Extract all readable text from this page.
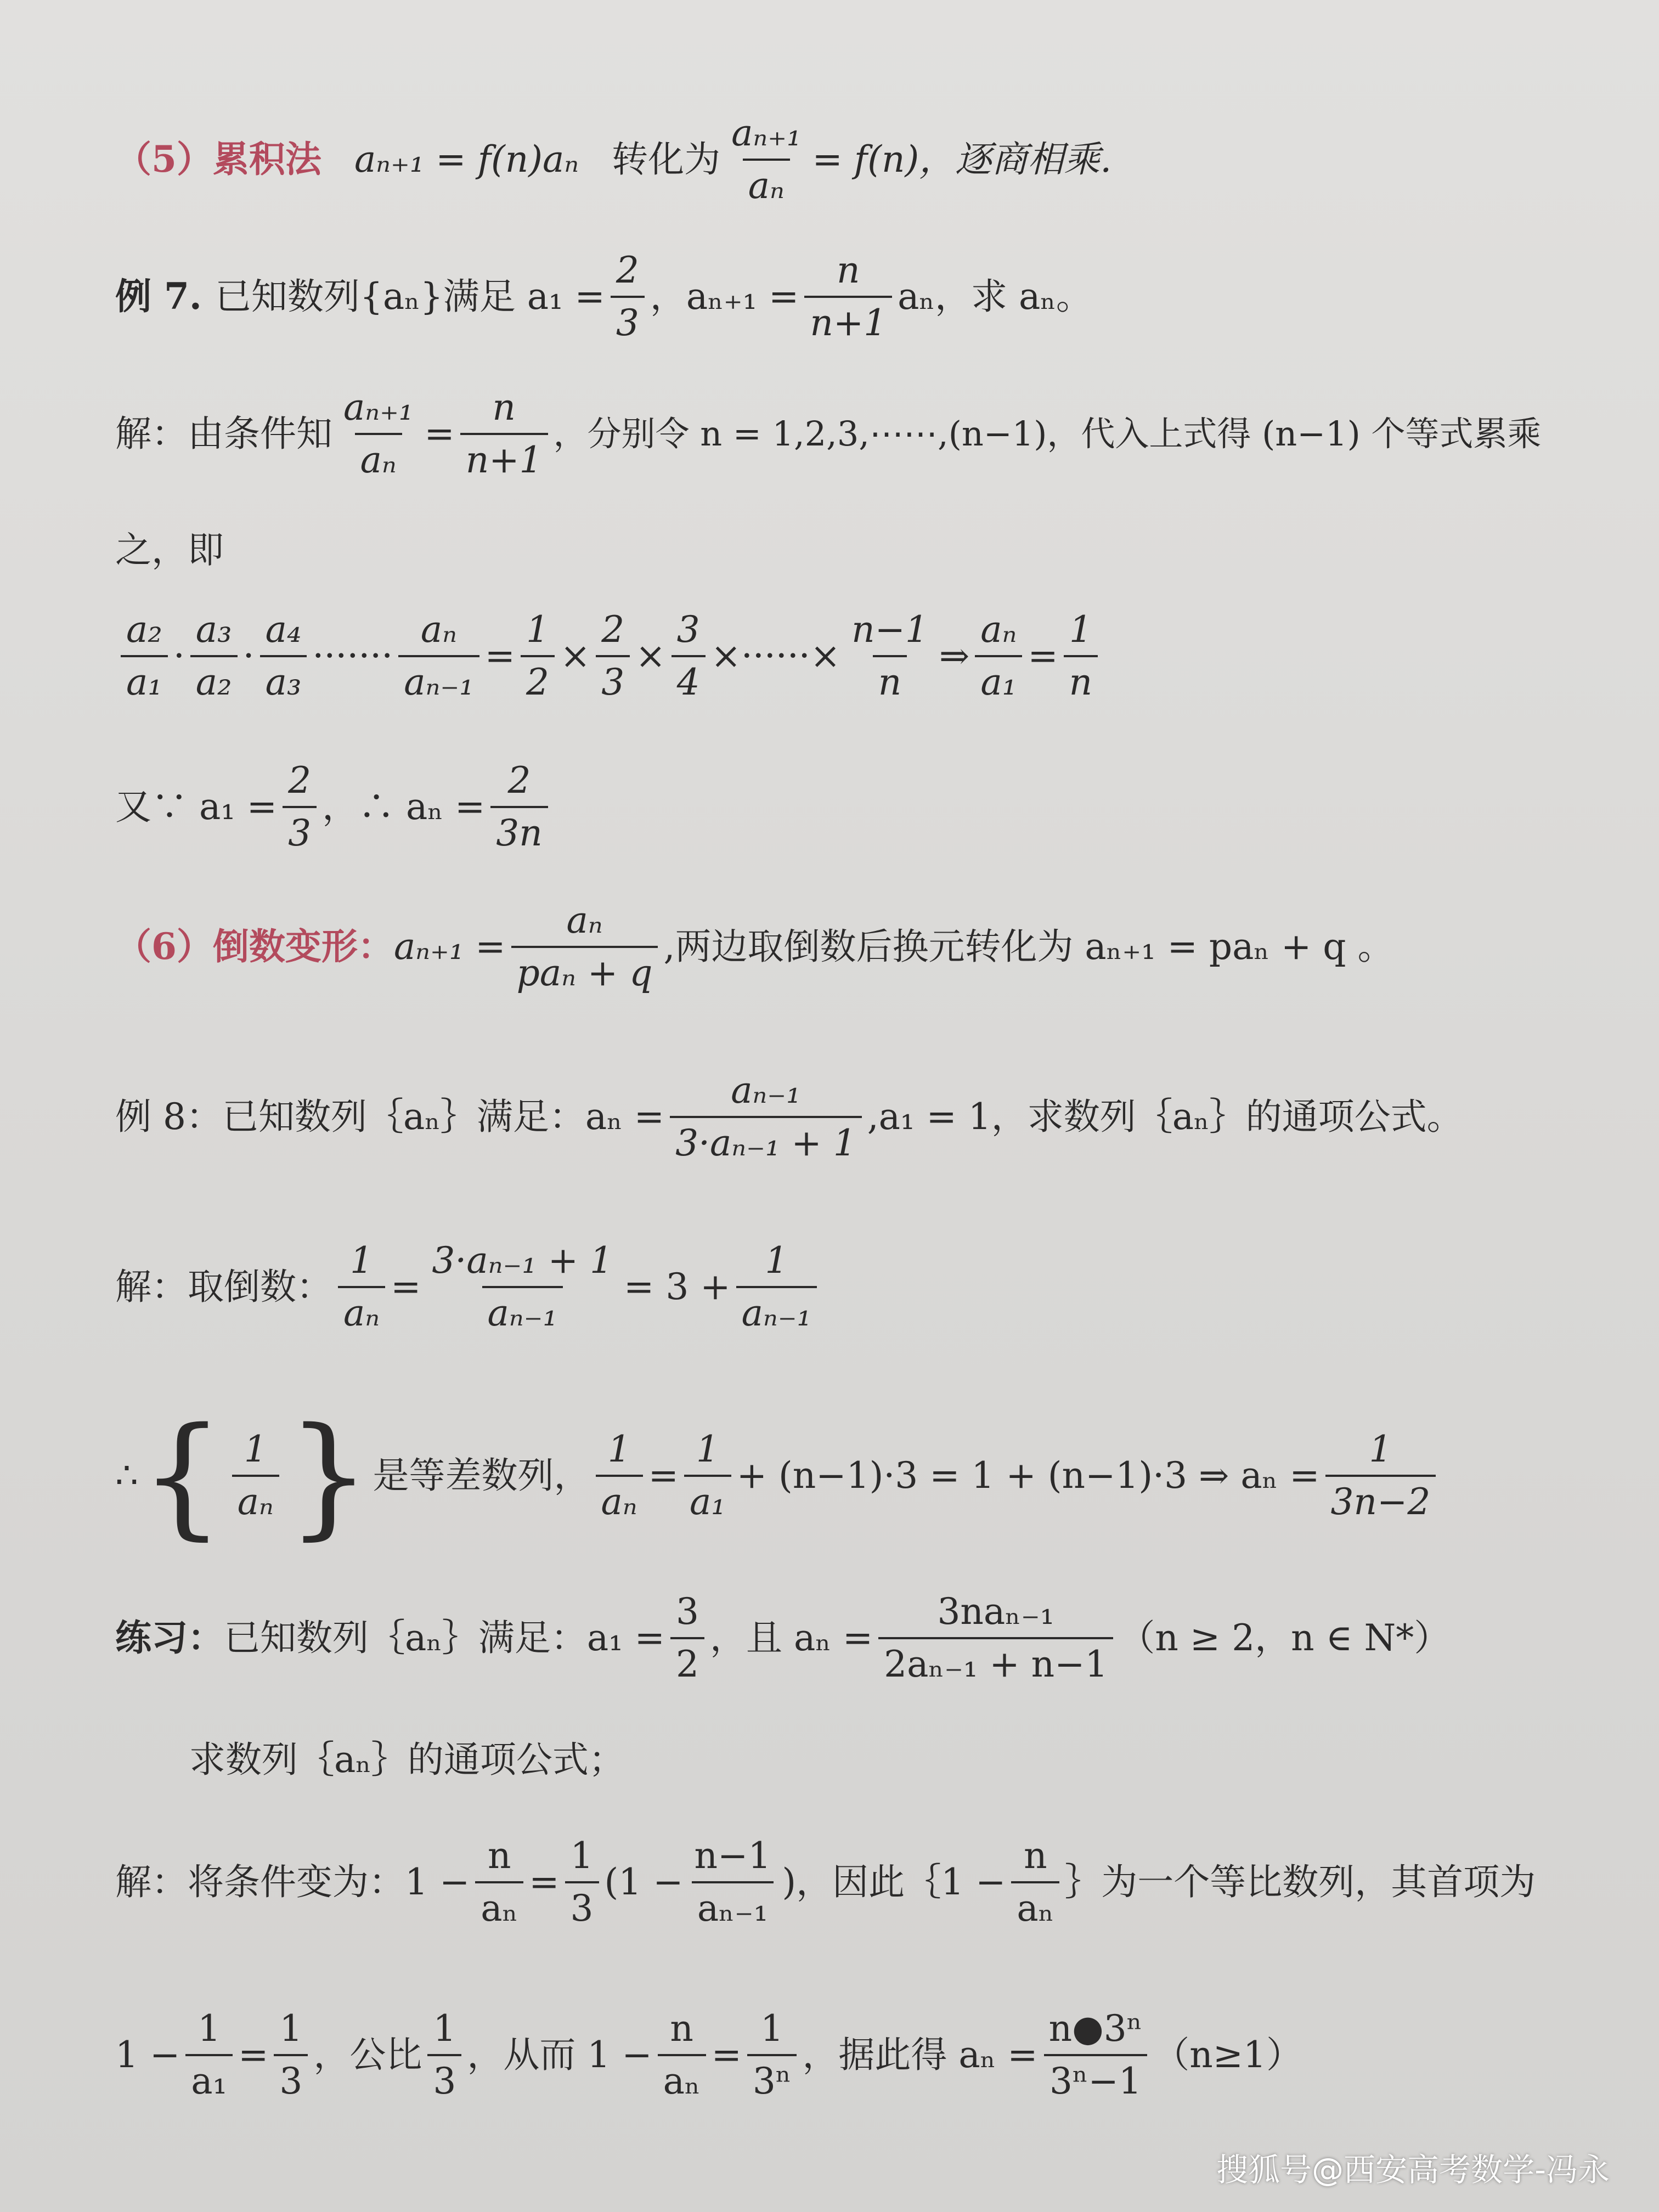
（5）累积法 aₙ₊₁ = f(n)aₙ 转化为 $\frac{\text{aₙ₊₁}}{\text{aₙ}} = f(n)$，逐商相乘.
例 7. 已知数列{aₙ}满足 $a_1 = \frac{2}{3}$ ，$a_{n+1} = \frac{n}{n+1}$ aₙ，求 aₙ。
解： 由条件知 $\frac{\text{aₙ₊₁}}{\text{aₙ}} = \frac{n}{n+1}$ ，分别令 n = 1,2,3,⋯⋯,(n−1)，代入上式得 (n−1) 个等式累乘
之，即
$\frac{\text{a₂}}{\text{a₁}} \cdot \frac{\text{a₃}}{\text{a₂}} \cdot \frac{\text{a₄}}{\text{a₃}}$ ······· $\frac{\text{aₙ}}{\text{aₙ₋₁}} = \frac{1}{2} \times \frac{2}{3} \times \frac{3}{4}$ ×······× $\frac{n-1}{n}$ ⇒ $\frac{\text{aₙ}}{\text{a₁}} = \frac{1}{n}$
又∵ $a_1 = \frac{2}{3}$ ，∴ $a_n = \frac{2}{3n}$
（6）倒数变形： $a_{n+1} = \frac{\text{aₙ}}{\text{paₙ + q}}$ ,两边取倒数后换元转化为 aₙ₊₁ = paₙ + q 。
例 8： 已知数列｛aₙ｝满足：$a_n = \frac{\text{aₙ₋₁}}{\text{3·aₙ₋₁ + 1}} ,a_1 = 1$，求数列｛aₙ｝的通项公式。
解： 取倒数： $\frac{1}{\text{aₙ}} = \frac{\text{3·aₙ₋₁ + 1}}{\text{aₙ₋₁}} = 3 + \frac{1}{\text{aₙ₋₁}}$
∴ { $\frac{1}{\text{aₙ}}$ } 是等差数列， $\frac{1}{\text{aₙ}} = \frac{1}{\text{a₁}} + (n-1)\cdot 3 = 1 + (n-1)\cdot 3$ ⇒ $a_n = \frac{1}{3n-2}$
练习： 已知数列｛aₙ｝满足：$a_1 = \frac{3}{2}$ ，且 $a_n = \frac{\text{3naₙ₋₁}}{\text{2aₙ₋₁ + n−1}} (n \ge 2$，n ∈ N*）
求数列｛aₙ｝的通项公式；
解： 将条件变为：$1 - \frac{n}{\text{aₙ}} = \frac{1}{3} (1 - \frac{n-1}{\text{aₙ₋₁}}$ )，因此｛1 − $\frac{n}{\text{aₙ}}$ ｝为一个等比数列，其首项为
$1 - \frac{1}{\text{a₁}} = \frac{1}{3}$ ，公比 $\frac{1}{3}$ ，从而 $1 - \frac{n}{\text{aₙ}} = \frac{1}{\text{3ⁿ}}$ ，据此得 $a_n = \frac{\text{n●3ⁿ}}{\text{3ⁿ−1}} (n\ge 1)$
搜狐号@西安高考数学-冯永
